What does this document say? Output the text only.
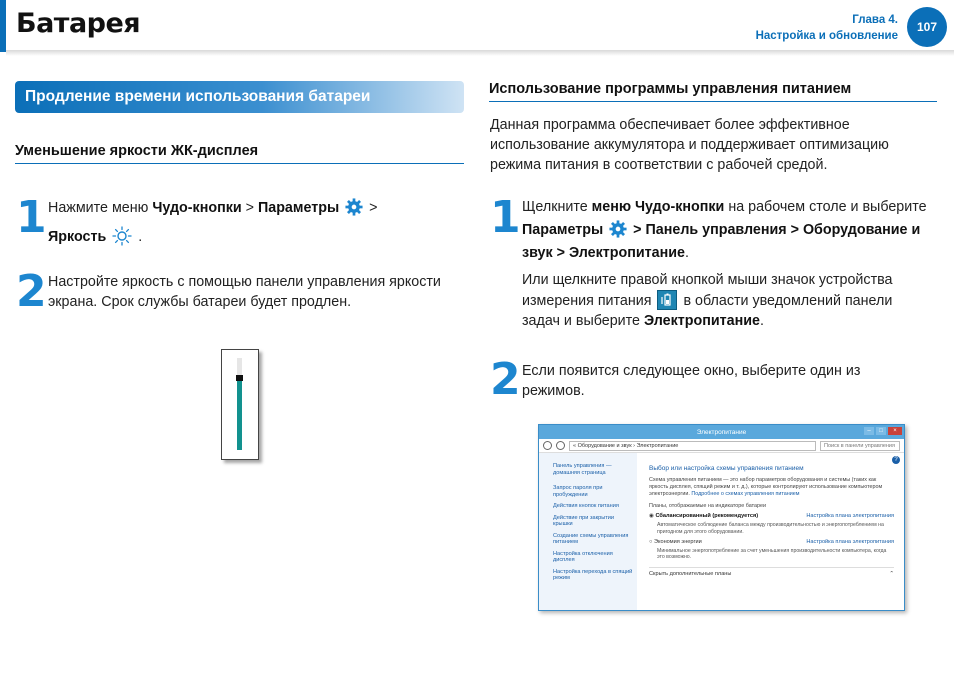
Батарея	Глава 4.
Настройка и обновление
107
Продление времени использования батареи
Уменьшение яркости ЖК-дисплея
1 Нажмите меню Чудо-кнопки > Параметры  >
Яркость  .
2 Настройте яркость с помощью панели управления яркости экрана. Срок службы батареи будет продлен.
Использование программы управления питанием
Данная программа обеспечивает более эффективное использование аккумулятора и поддерживает оптимизацию режима питания в соответствии с рабочей средой.
1 Щелкните меню Чудо-кнопки на рабочем столе и выберите Параметры  > Панель управления > Оборудование и звук > Электропитание.
Или щелкните правой кнопкой мыши значок устройства измерения питания
в области уведомлений панели задач и выберите Электропитание.
2 Если появится следующее окно, выберите один из режимов.
Электропитание	–	□	×
« Оборудование и звук › Электропитание	Поиск в панели управления
Панель управления — домашняя страница
Запрос пароля при пробуждении
Действия кнопок питания
Действие при закрытии крышки
Создание схемы управления питанием
Настройка отключения дисплея
Настройка перехода в спящий режим
?
Выбор или настройка схемы управления питанием
Схема управления питанием — это набор параметров оборудования и системы (таких как яркость дисплея, спящий режим и т. д.), которые контролируют использование компьютером электроэнергии. Подробнее о схемах управления питанием
Планы, отображаемые на индикаторе батареи
◉ Сбалансированный (рекомендуется)	Настройка плана электропитания
Автоматическое соблюдение баланса между производительностью и энергопотреблением на пригодном для этого оборудовании.
○ Экономия энергии	Настройка плана электропитания
Минимальное энергопотребление за счет уменьшения производительности компьютера, когда это возможно.
Скрыть дополнительные планы	⌃
